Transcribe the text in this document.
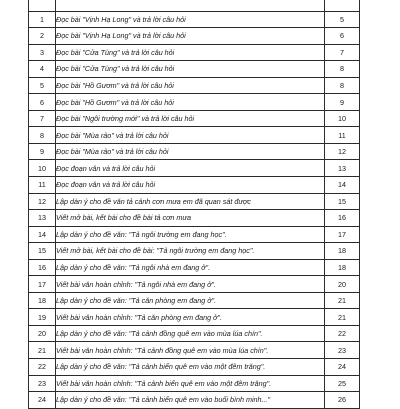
1	Đọc bài "Vịnh Hạ Long" và trả lời câu hỏi	5
2	Đọc bài "Vịnh Hạ Long" và trả lời câu hỏi	6
3	Đọc bài "Cửa Tùng" và trả lời câu hỏi	7
4	Đọc bài "Cửa Tùng" và trả lời câu hỏi	8
5	Đọc bài "Hồ Gươm" và trả lời câu hỏi	8
6	Đọc bài "Hồ Gươm" và trả lời câu hỏi	9
7	Đọc bài "Ngôi trường mới" và trả lời câu hỏi	10
8	Đọc bài "Mùa rảo" và trả lời câu hỏi	11
9	Đọc bài "Mùa rảo" và trả lời câu hỏi	12
10	Đọc đoạn văn và trả lời câu hỏi	13
11	Đọc đoạn văn và trả lời câu hỏi	14
12	Lập dàn ý cho đề văn tả cảnh cơn mưa em đã quan sát được	15
13	Viết mở bài, kết bài cho đề bài tả cơn mưa	16
14	Lập dàn ý cho đề văn: "Tả ngôi trường em đang học".	17
15	Viết mở bài, kết bài cho đề bài: "Tả ngôi trường em đang học".	18
16	Lập dàn ý cho đề văn: "Tả ngôi nhà em đang ở".	18
17	Viết bài văn hoàn chỉnh: "Tả ngôi nhà em đang ở".	20
18	Lập dàn ý cho đề văn: "Tả căn phòng em đang ở".	21
19	Viết bài văn hoàn chỉnh: "Tả căn phòng em đang ở".	21
20	Lập dàn ý cho đề văn: "Tả cảnh đồng quê em vào mùa lúa chín".	22
21	Viết bài văn hoàn chỉnh: "Tả cảnh đồng quê em vào mùa lúa chín".	23
22	Lập dàn ý cho đề văn: "Tả cảnh biển quê em vào một đêm trăng".	24
23	Viết bài văn hoàn chỉnh: "Tả cảnh biển quê em vào một đêm trăng".	25
24	Lập dàn ý cho đề văn: "Tả cảnh biển quê em vào buổi bình minh..."	26
